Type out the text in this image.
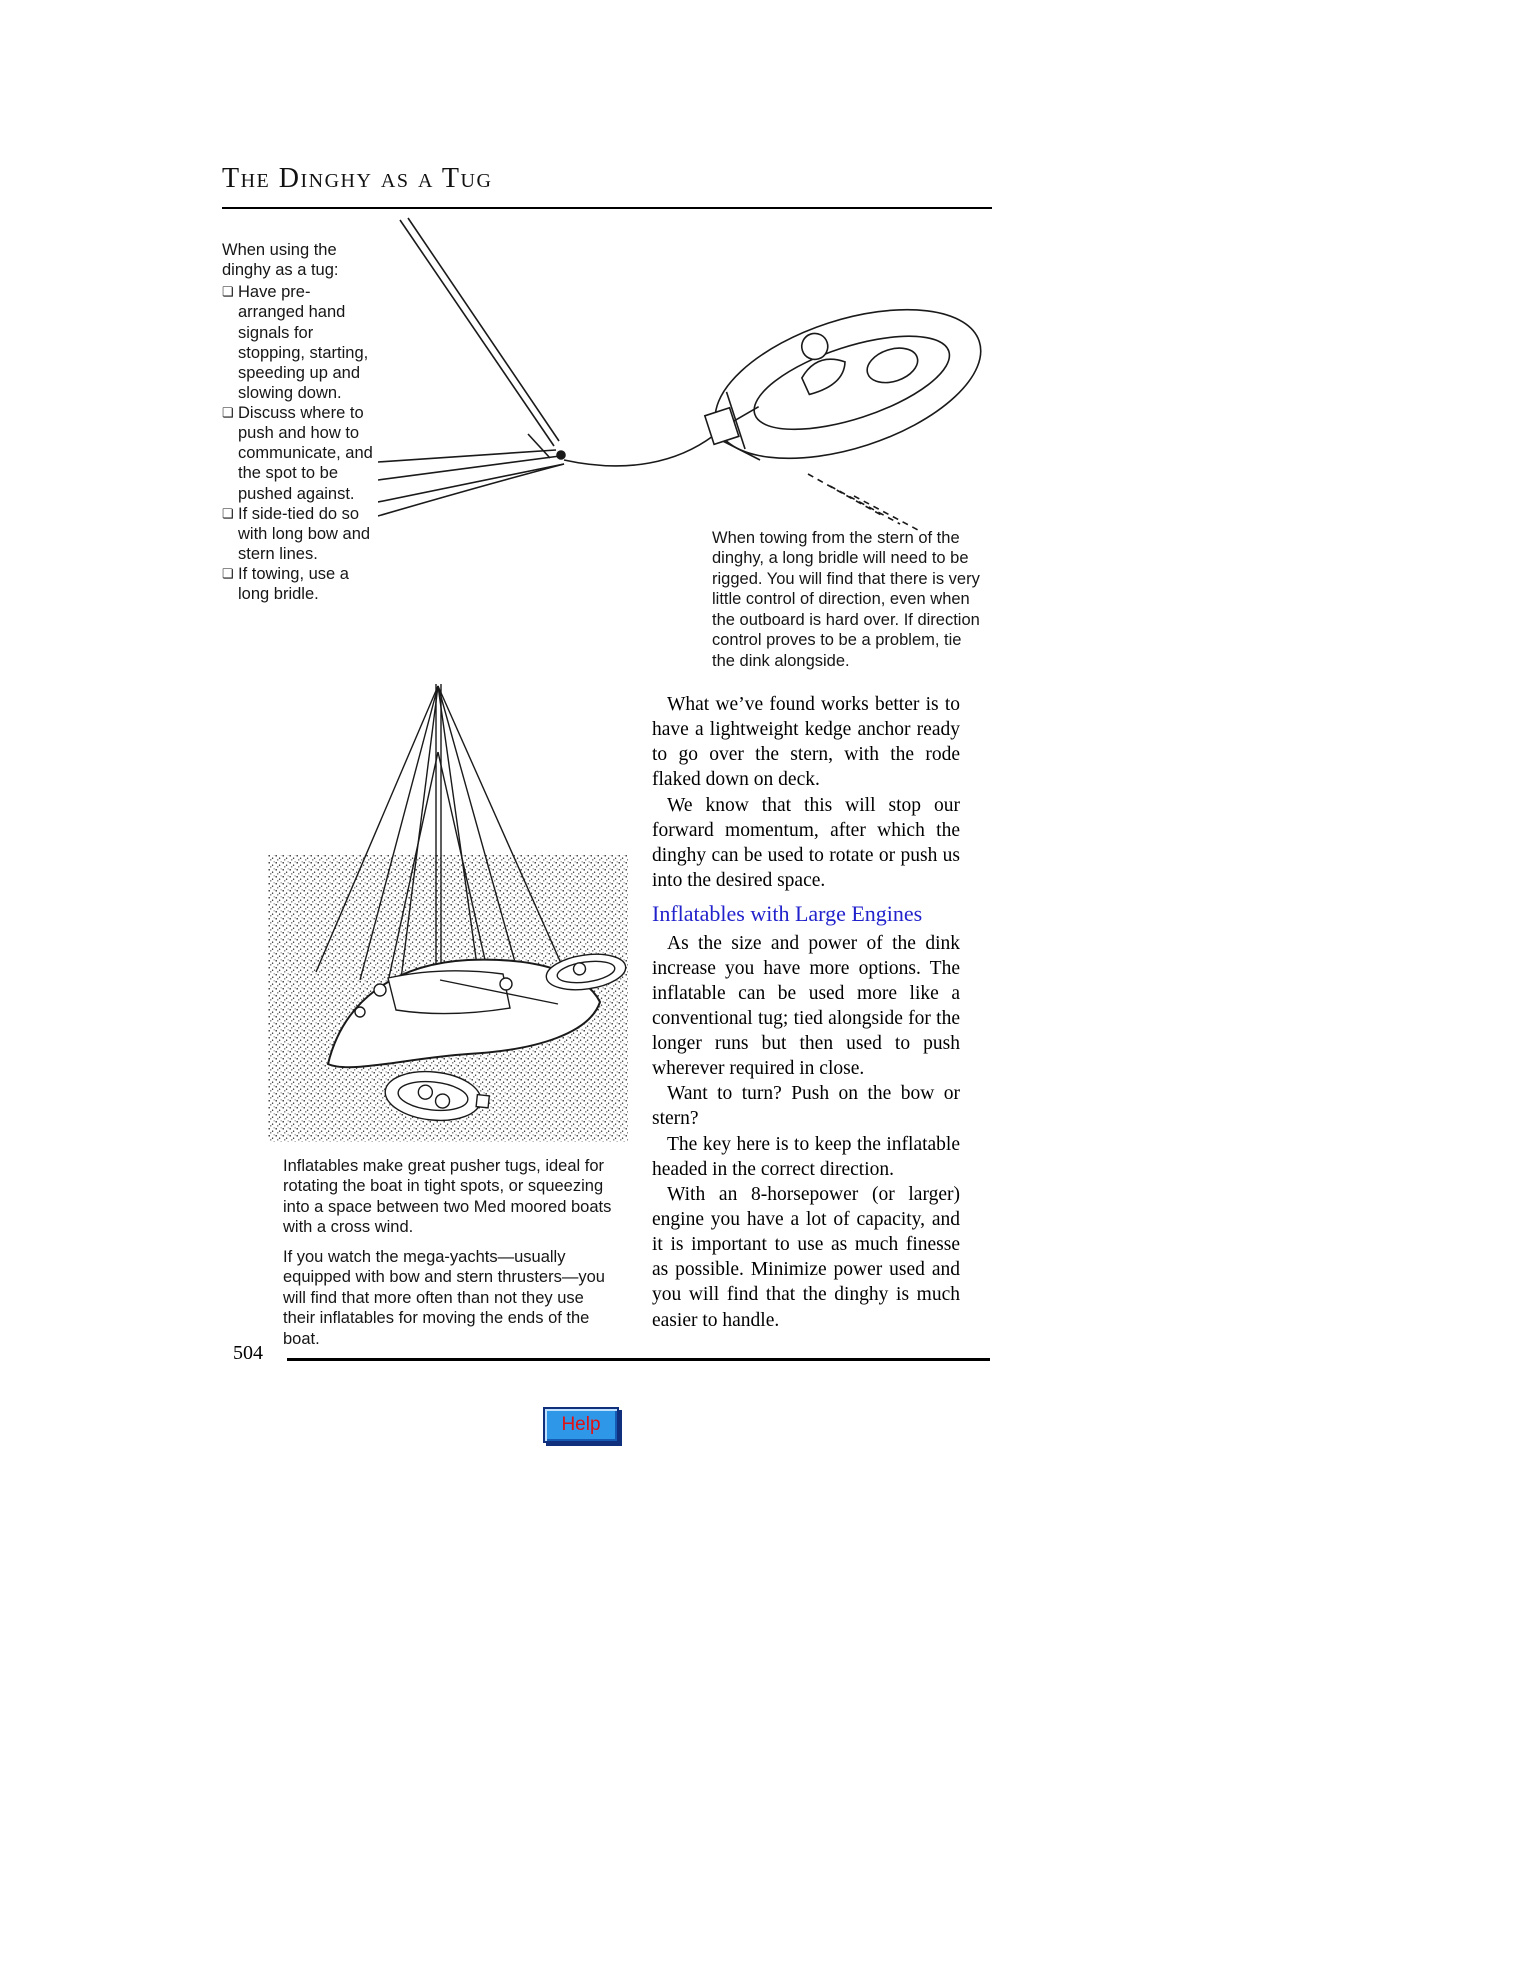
The Dinghy as a Tug

When using the dinghy as a tug:

❏ Have pre-arranged hand signals for stopping, starting, speeding up and slowing down.
❏ Discuss where to push and how to communicate, and the spot to be pushed against.
❏ If side-tied do so with long bow and stern lines.
❏ If towing, use a long bridle.

When towing from the stern of the dinghy, a long bridle will need to be rigged. You will find that there is very little control of direction, even when the outboard is hard over. If direction control proves to be a problem, tie the dink alongside.

What we’ve found works better is to have a lightweight kedge anchor ready to go over the stern, with the rode flaked down on deck.

We know that this will stop our forward momentum, after which the dinghy can be used to rotate or push us into the desired space.

Inflatables with Large Engines

As the size and power of the dink increase you have more options. The inflatable can be used more like a conventional tug; tied alongside for the longer runs but then used to push wherever required in close.

Want to turn? Push on the bow or stern?

The key here is to keep the inflatable headed in the correct direction.

With an 8-horsepower (or larger) engine you have a lot of capacity, and it is important to use as much finesse as possible. Minimize power used and you will find that the dinghy is much easier to handle.

Inflatables make great pusher tugs, ideal for rotating the boat in tight spots, or squeezing into a space between two Med moored boats with a cross wind.

If you watch the mega-yachts—usually equipped with bow and stern thrusters—you will find that more often than not they use their inflatables for moving the ends of the boat.

504
Help
